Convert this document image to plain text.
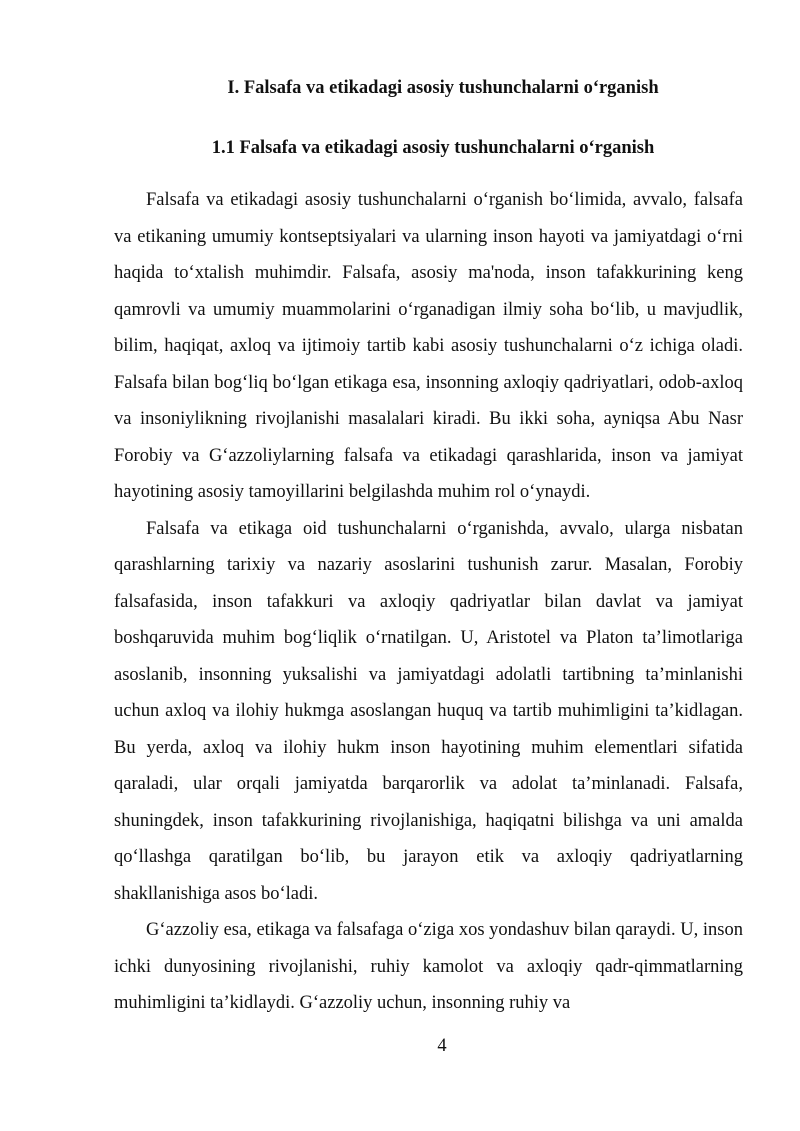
I. Falsafa va etikadagi asosiy tushunchalarni o‘rganish
1.1 Falsafa va etikadagi asosiy tushunchalarni o‘rganish

Falsafa va etikadagi asosiy tushunchalarni o‘rganish bo‘limida, avvalo, falsafa va etikaning umumiy kontseptsiyalari va ularning inson hayoti va jamiyatdagi o‘rni haqida to‘xtalish muhimdir. Falsafa, asosiy ma'noda, inson tafakkurining keng qamrovli va umumiy muammolarini o‘rganadigan ilmiy soha bo‘lib, u mavjudlik, bilim, haqiqat, axloq va ijtimoiy tartib kabi asosiy tushunchalarni o‘z ichiga oladi. Falsafa bilan bog‘liq bo‘lgan etikaga esa, insonning axloqiy qadriyatlari, odob-axloq va insoniylikning rivojlanishi masalalari kiradi. Bu ikki soha, ayniqsa Abu Nasr Forobiy va G‘azzoliylarning falsafa va etikadagi qarashlarida, inson va jamiyat hayotining asosiy tamoyillarini belgilashda muhim rol o‘ynaydi.

Falsafa va etikaga oid tushunchalarni o‘rganishda, avvalo, ularga nisbatan qarashlarning tarixiy va nazariy asoslarini tushunish zarur. Masalan, Forobiy falsafasida, inson tafakkuri va axloqiy qadriyatlar bilan davlat va jamiyat boshqaruvida muhim bog‘liqlik o‘rnatilgan. U, Aristotel va Platon ta’limotlariga asoslanib, insonning yuksalishi va jamiyatdagi adolatli tartibning ta’minlanishi uchun axloq va ilohiy hukmga asoslangan huquq va tartib muhimligini ta’kidlagan. Bu yerda, axloq va ilohiy hukm inson hayotining muhim elementlari sifatida qaraladi, ular orqali jamiyatda barqarorlik va adolat ta’minlanadi. Falsafa, shuningdek, inson tafakkurining rivojlanishiga, haqiqatni bilishga va uni amalda qo‘llashga qaratilgan bo‘lib, bu jarayon etik va axloqiy qadriyatlarning shakllanishiga asos bo‘ladi.

G‘azzoliy esa, etikaga va falsafaga o‘ziga xos yondashuv bilan qaraydi. U, inson ichki dunyosining rivojlanishi, ruhiy kamolot va axloqiy qadr-qimmatlarning muhimligini ta’kidlaydi. G‘azzoliy uchun, insonning ruhiy va

4
